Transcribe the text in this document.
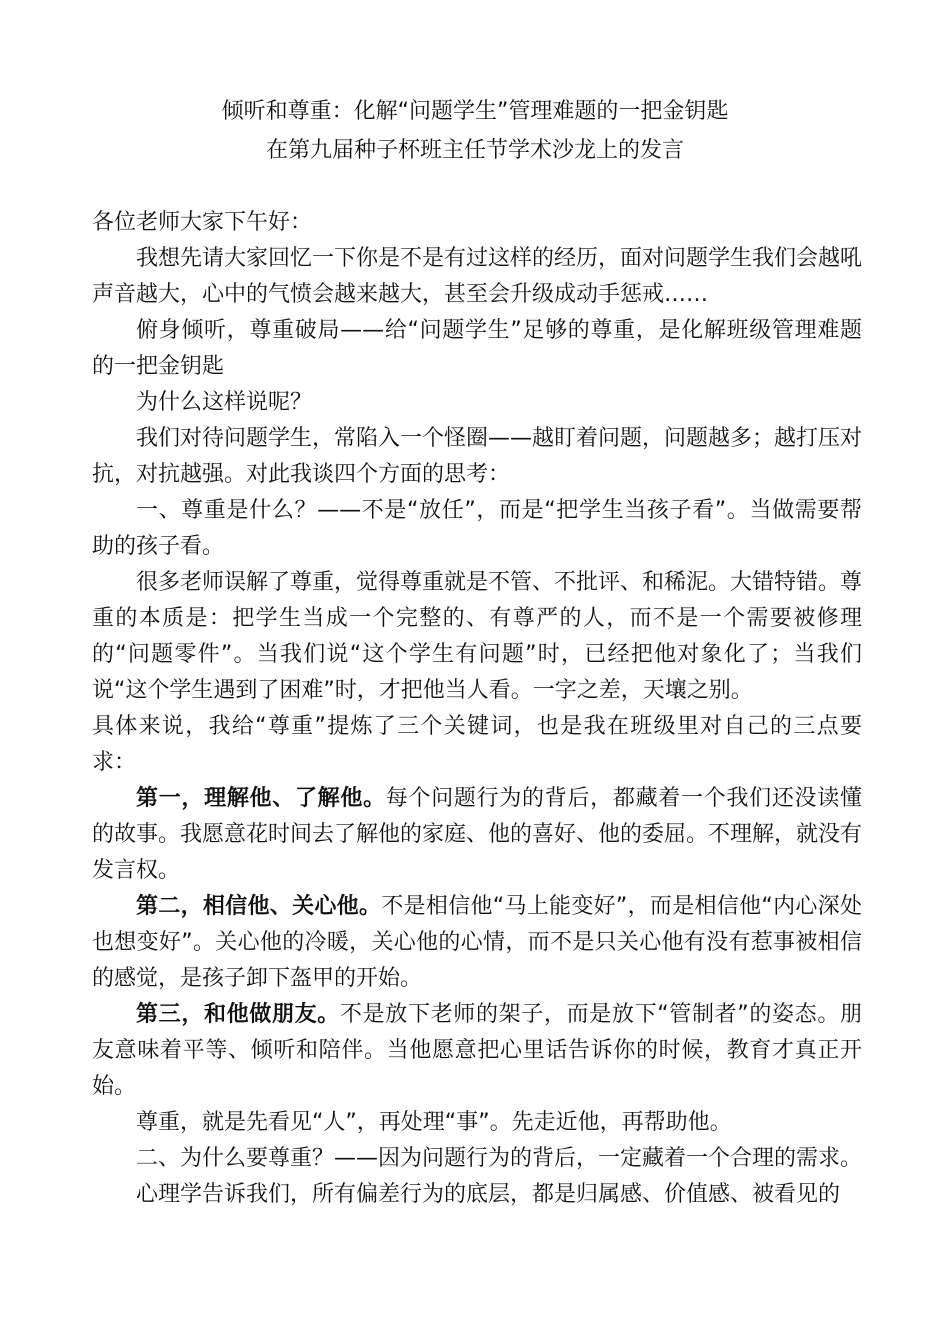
倾听和尊重：化解“问题学生”管理难题的一把金钥匙
在第九届种子杯班主任节学术沙龙上的发言

各位老师大家下午好：

我想先请大家回忆一下你是不是有过这样的经历，面对问题学生我们会越吼声音越大，心中的气愤会越来越大，甚至会升级成动手惩戒……

俯身倾听，尊重破局——给“问题学生”足够的尊重，是化解班级管理难题的一把金钥匙

为什么这样说呢？

我们对待问题学生，常陷入一个怪圈——越盯着问题，问题越多；越打压对抗，对抗越强。对此我谈四个方面的思考：

一、尊重是什么？——不是“放任”，而是“把学生当孩子看”。当做需要帮助的孩子看。

很多老师误解了尊重，觉得尊重就是不管、不批评、和稀泥。大错特错。尊重的本质是：把学生当成一个完整的、有尊严的人，而不是一个需要被修理的“问题零件”。当我们说“这个学生有问题”时，已经把他对象化了；当我们说“这个学生遇到了困难”时，才把他当人看。一字之差，天壤之别。

具体来说，我给“尊重”提炼了三个关键词，也是我在班级里对自己的三点要求：

第一，理解他、了解他。每个问题行为的背后，都藏着一个我们还没读懂的故事。我愿意花时间去了解他的家庭、他的喜好、他的委屈。不理解，就没有发言权。

第二，相信他、关心他。不是相信他“马上能变好”，而是相信他“内心深处也想变好”。关心他的冷暖，关心他的心情，而不是只关心他有没有惹事被相信的感觉，是孩子卸下盔甲的开始。

第三，和他做朋友。不是放下老师的架子，而是放下“管制者”的姿态。朋友意味着平等、倾听和陪伴。当他愿意把心里话告诉你的时候，教育才真正开始。

尊重，就是先看见“人”，再处理“事”。先走近他，再帮助他。

二、为什么要尊重？——因为问题行为的背后，一定藏着一个合理的需求。

心理学告诉我们，所有偏差行为的底层，都是归属感、价值感、被看见的
